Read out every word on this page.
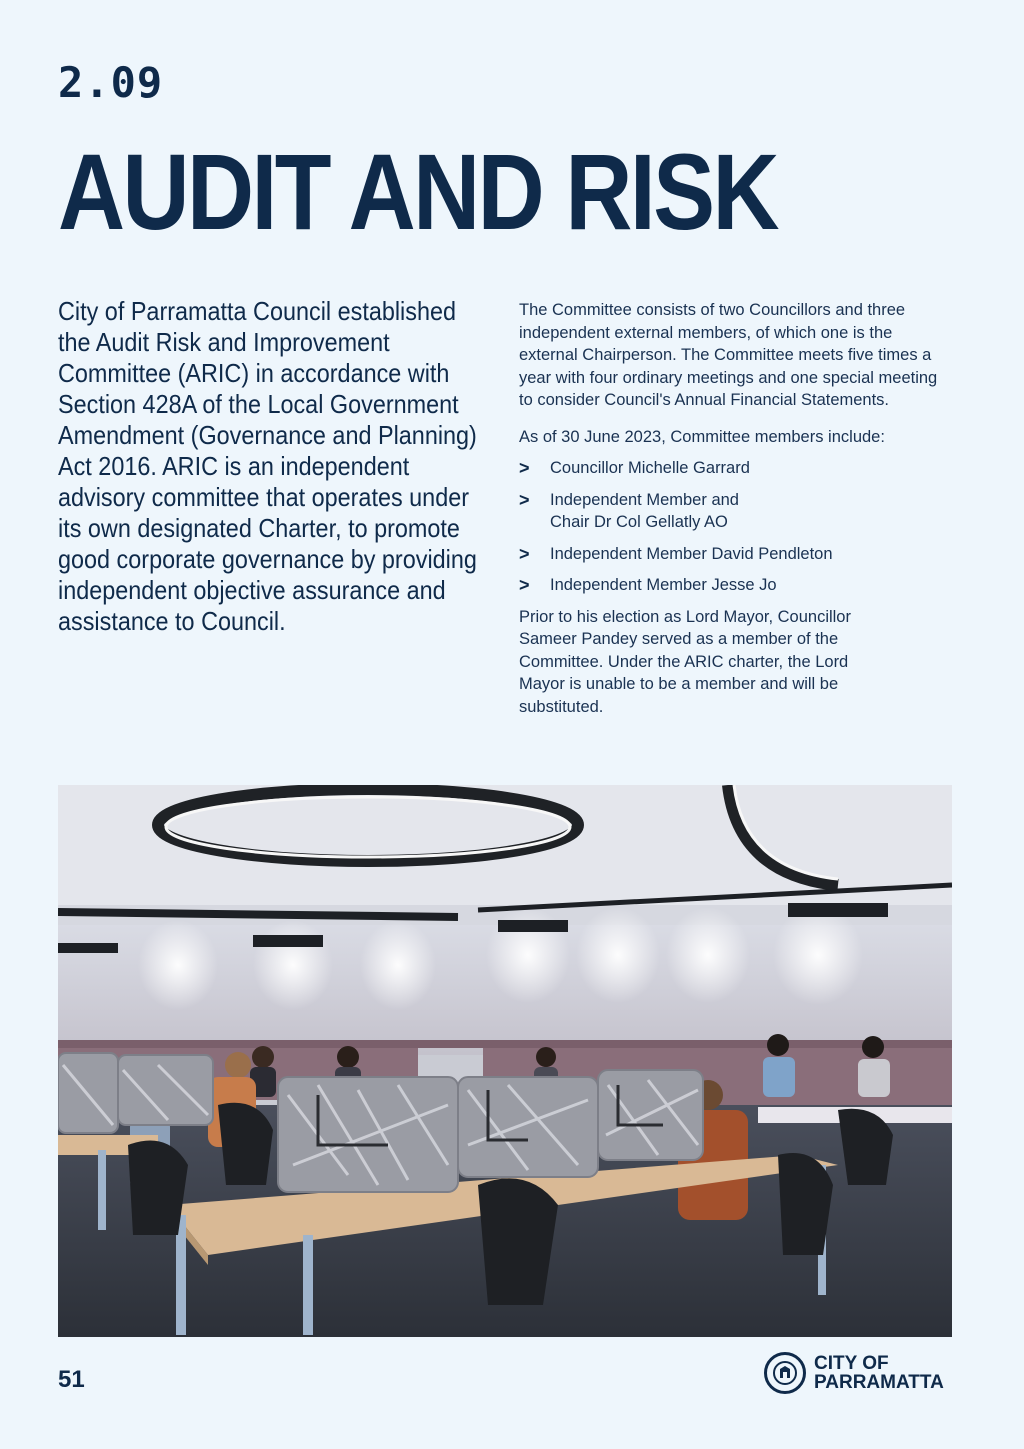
2.09
AUDIT AND RISK

City of Parramatta Council established the Audit Risk and Improvement Committee (ARIC) in accordance with Section 428A of the Local Government Amendment (Governance and Planning) Act 2016. ARIC is an independent advisory committee that operates under its own designated Charter, to promote good corporate governance by providing independent objective assurance and assistance to Council.

The Committee consists of two Councillors and three independent external members, of which one is the external Chairperson. The Committee meets five times a year with four ordinary meetings and one special meeting to consider Council's Annual Financial Statements.

As of 30 June 2023, Committee members include:

>	Councillor Michelle Garrard
>	Independent Member and Chair Dr Col Gellatly AO
>	Independent Member David Pendleton
>	Independent Member Jesse Jo

Prior to his election as Lord Mayor, Councillor Sameer Pandey served as a member of the Committee. Under the ARIC charter, the Lord Mayor is unable to be a member and will be substituted.

51

CITY OF
PARRAMATTA
